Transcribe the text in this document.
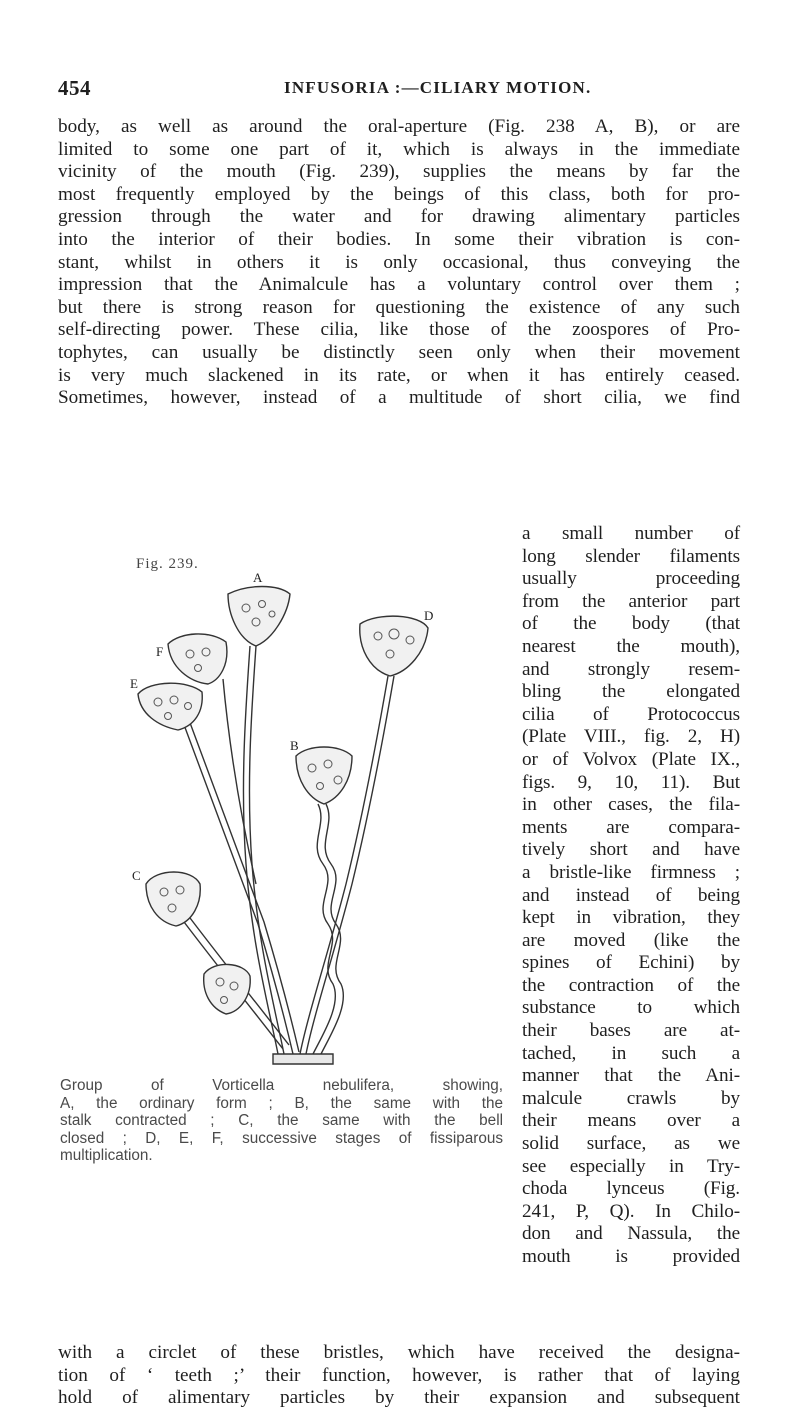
454	INFUSORIA :—CILIARY MOTION.
body, as well as around the oral-aperture (Fig. 238 A, B), or are
limited to some one part of it, which is always in the immediate
vicinity of the mouth (Fig. 239), supplies the means by far the
most frequently employed by the beings of this class, both for pro-
gression through the water and for drawing alimentary particles
into the interior of their bodies. In some their vibration is con-
stant, whilst in others it is only occasional, thus conveying the
impression that the Animalcule has a voluntary control over them ;
but there is strong reason for questioning the existence of any such
self-directing power. These cilia, like those of the zoospores of Pro-
tophytes, can usually be distinctly seen only when their movement
is very much slackened in its rate, or when it has entirely ceased.
Sometimes, however, instead of a multitude of short cilia, we find
Fig. 239.
A
D
F
E
B
C
a small number of
long slender filaments
usually proceeding
from the anterior part
of the body (that
nearest the mouth),
and strongly resem-
bling the elongated
cilia of Protococcus
(Plate VIII., fig. 2, H)
or of Volvox (Plate IX.,
figs. 9, 10, 11). But
in other cases, the fila-
ments are compara-
tively short and have
a bristle-like firmness ;
and instead of being
kept in vibration, they
are moved (like the
spines of Echini) by
the contraction of the
substance to which
their bases are at-
tached, in such a
manner that the Ani-
malcule crawls by
their means over a
solid surface, as we
see especially in Try-
choda lynceus (Fig.
241, P, Q). In Chilo-
don and Nassula, the
mouth is provided
Group of Vorticella nebulifera, showing,
A, the ordinary form ; B, the same with the
stalk contracted ; C, the same with the bell
closed ; D, E, F, successive stages of fissiparous
multiplication.
with a circlet of these bristles, which have received the designa-
tion of ‘ teeth ;’ their function, however, is rather that of laying
hold of alimentary particles by their expansion and subsequent
